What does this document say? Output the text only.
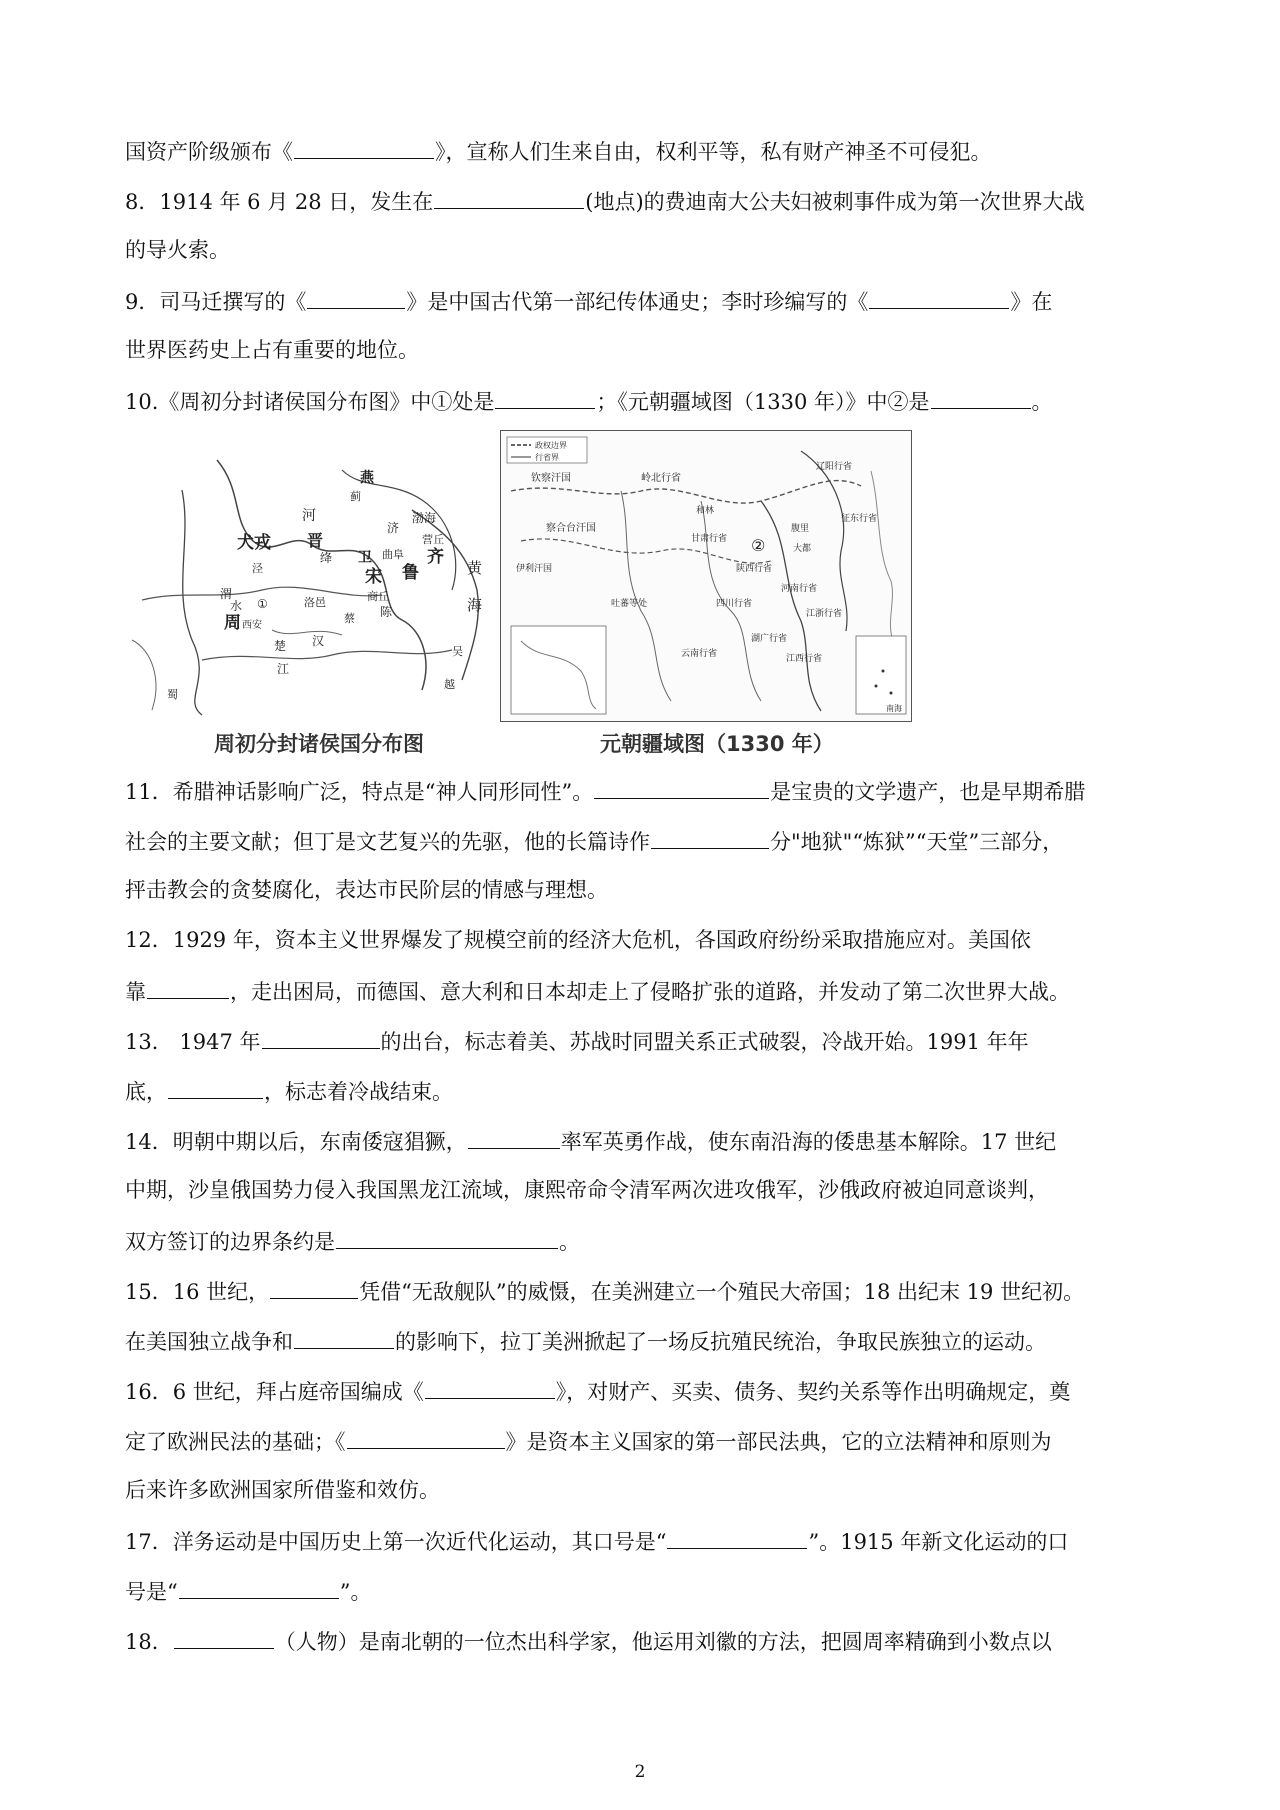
国资产阶级颁布《	》，宣称人们生来自由，权利平等，私有财产神圣不可侵犯。
8．1914 年 6 月 28 日，发生在	(地点)的费迪南大公夫妇被刺事件成为第一次世界大战
的导火索。
9．司马迁撰写的《	》是中国古代第一部纪传体通史；李时珍编写的《	》在
世界医药史上占有重要的地位。
10.《周初分封诸侯国分布图》中①处是	；《元朝疆域图（1330 年）》中②是	。
11．希腊神话影响广泛，特点是“神人同形同性”。	是宝贵的文学遗产，也是早期希腊
社会的主要文献；但丁是文艺复兴的先驱，他的长篇诗作	分"地狱"“炼狱”“天堂”三部分，
抨击教会的贪婪腐化，表达市民阶层的情感与理想。
12．1929 年，资本主义世界爆发了规模空前的经济大危机，各国政府纷纷采取措施应对。美国依
靠	，走出困局，而德国、意大利和日本却走上了侵略扩张的道路，并发动了第二次世界大战。
13． 1947 年	的出台，标志着美、苏战时同盟关系正式破裂，冷战开始。1991 年年
底，	，标志着冷战结束。
14．明朝中期以后，东南倭寇猖獗，	率军英勇作战，使东南沿海的倭患基本解除。17 世纪
中期，沙皇俄国势力侵入我国黑龙江流域，康熙帝命令清军两次进攻俄军，沙俄政府被迫同意谈判，
双方签订的边界条约是	。
15．16 世纪，	凭借“无敌舰队”的威慑，在美洲建立一个殖民大帝国；18 出纪末 19 世纪初。
在美国独立战争和	的影响下，拉丁美洲掀起了一场反抗殖民统治，争取民族独立的运动。
16．6 世纪，拜占庭帝国编成《	》，对财产、买卖、债务、契约关系等作出明确规定，奠
定了欧洲民法的基础；《	》是资本主义国家的第一部民法典，它的立法精神和原则为
后来许多欧洲国家所借鉴和效仿。
17．洋务运动是中国历史上第一次近代化运动，其口号是“	”。1915 年新文化运动的口
号是“	”。
18．	（人物）是南北朝的一位杰出科学家，他运用刘徽的方法，把圆周率精确到小数点以
燕
蓟
河	渤海
犬戎 晋
绛 卫
济
营丘
齐
曲阜
鲁	黄
海
泾
渭
水
周
①
西安
洛邑
宋
商丘
陈
蔡
汉
楚
江
吴
越
蜀
政权边界
行省界
钦察汗国	岭北行省
察合台汗国
伊利汗国
②
辽阳行省
甘肃行省
腹里
陕西行省
四川行省
河南行省
吐蕃等处
云南行省
湖广行省
江浙行省
江西行省
征东行省
和林
大都
南海
周初分封诸侯国分布图	元朝疆域图（1330 年）
2
